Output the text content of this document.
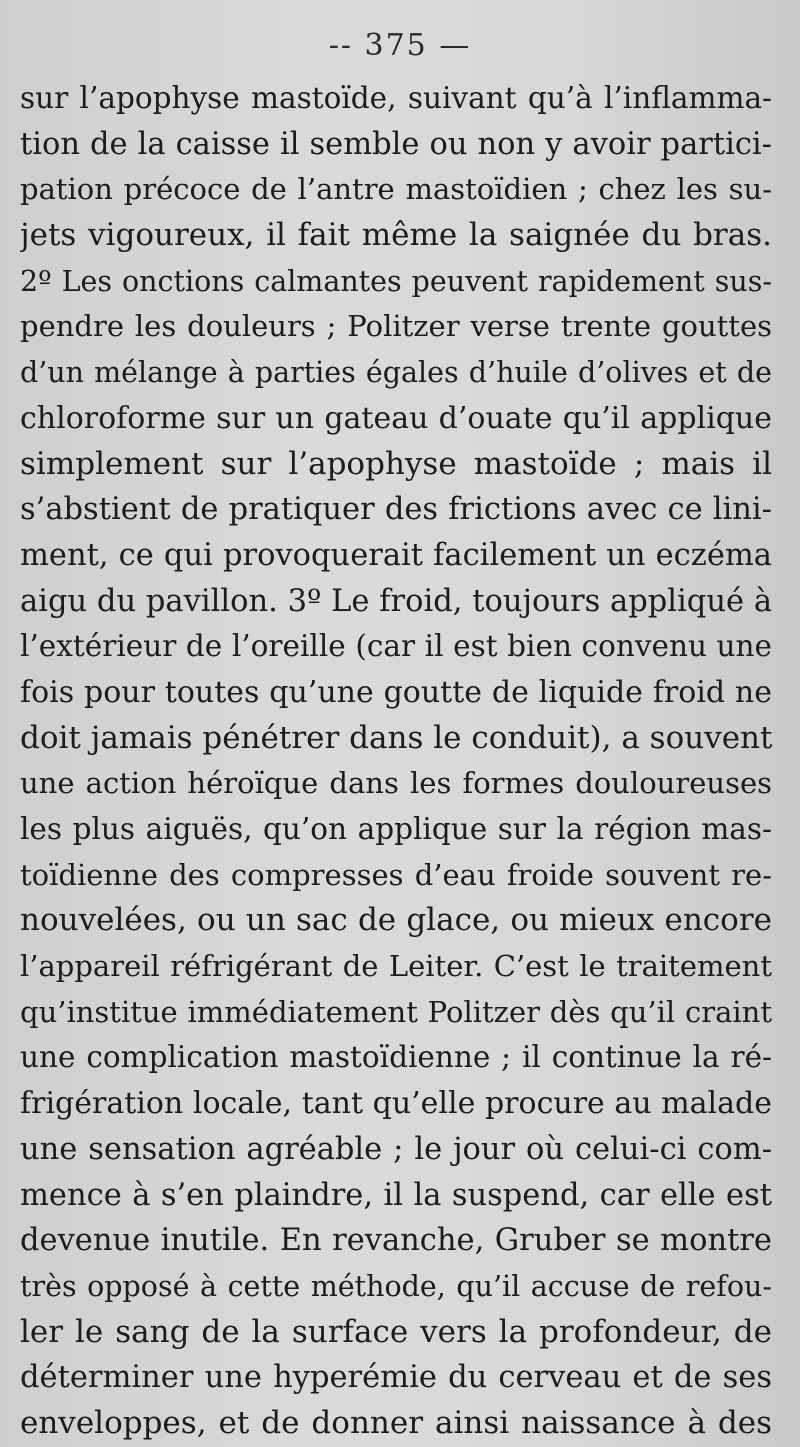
-- 375 —
sur l’apophyse mastoïde, suivant qu’à l’inflamma-
tion de la caisse il semble ou non y avoir partici-
pation précoce de l’antre mastoïdien ; chez les su-
jets vigoureux, il fait même la saignée du bras.
2º Les onctions calmantes peuvent rapidement sus-
pendre les douleurs ; Politzer verse trente gouttes
d’un mélange à parties égales d’huile d’olives et de
chloroforme sur un gateau d’ouate qu’il applique
simplement sur l’apophyse mastoïde ; mais il
s’abstient de pratiquer des frictions avec ce lini-
ment, ce qui provoquerait facilement un eczéma
aigu du pavillon. 3º Le froid, toujours appliqué à
l’extérieur de l’oreille (car il est bien convenu une
fois pour toutes qu’une goutte de liquide froid ne
doit jamais pénétrer dans le conduit), a souvent
une action héroïque dans les formes douloureuses
les plus aiguës, qu’on applique sur la région mas-
toïdienne des compresses d’eau froide souvent re-
nouvelées, ou un sac de glace, ou mieux encore
l’appareil réfrigérant de Leiter. C’est le traitement
qu’institue immédiatement Politzer dès qu’il craint
une complication mastoïdienne ; il continue la ré-
frigération locale, tant qu’elle procure au malade
une sensation agréable ; le jour où celui-ci com-
mence à s’en plaindre, il la suspend, car elle est
devenue inutile. En revanche, Gruber se montre
très opposé à cette méthode, qu’il accuse de refou-
ler le sang de la surface vers la profondeur, de
déterminer une hyperémie du cerveau et de ses
enveloppes, et de donner ainsi naissance à des
